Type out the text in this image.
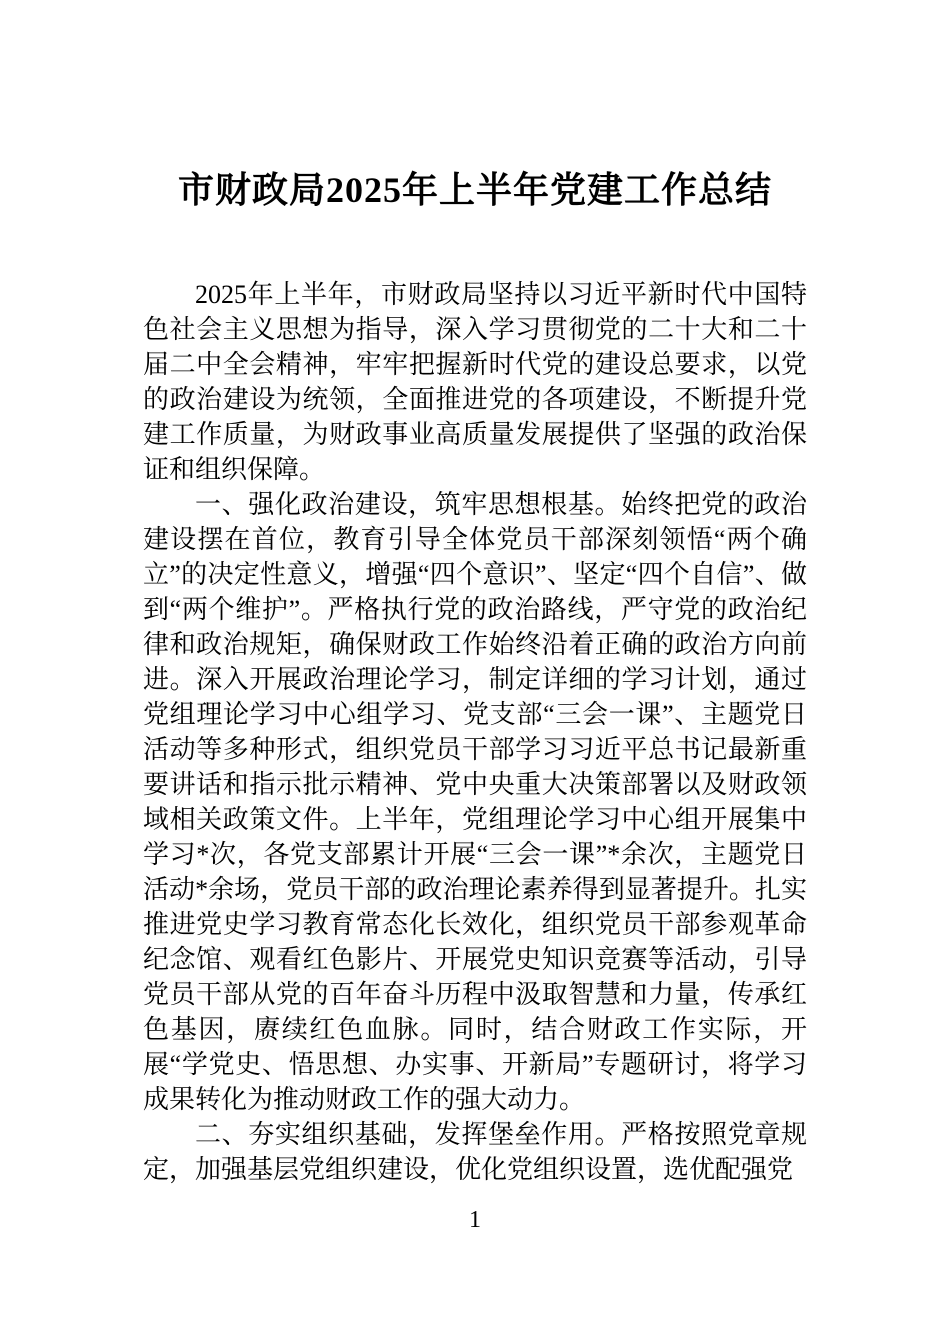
市财政局2025年上半年党建工作总结

2025年上半年，市财政局坚持以习近平新时代中国特色社会主义思想为指导，深入学习贯彻党的二十大和二十届二中全会精神，牢牢把握新时代党的建设总要求，以党的政治建设为统领，全面推进党的各项建设，不断提升党建工作质量，为财政事业高质量发展提供了坚强的政治保证和组织保障。

一、强化政治建设，筑牢思想根基。始终把党的政治建设摆在首位，教育引导全体党员干部深刻领悟“两个确立”的决定性意义，增强“四个意识”、坚定“四个自信”、做到“两个维护”。严格执行党的政治路线，严守党的政治纪律和政治规矩，确保财政工作始终沿着正确的政治方向前进。深入开展政治理论学习，制定详细的学习计划，通过党组理论学习中心组学习、党支部“三会一课”、主题党日活动等多种形式，组织党员干部学习习近平总书记最新重要讲话和指示批示精神、党中央重大决策部署以及财政领域相关政策文件。上半年，党组理论学习中心组开展集中学习*次，各党支部累计开展“三会一课”*余次，主题党日活动*余场，党员干部的政治理论素养得到显著提升。扎实推进党史学习教育常态化长效化，组织党员干部参观革命纪念馆、观看红色影片、开展党史知识竞赛等活动，引导党员干部从党的百年奋斗历程中汲取智慧和力量，传承红色基因，赓续红色血脉。同时，结合财政工作实际，开展“学党史、悟思想、办实事、开新局”专题研讨，将学习成果转化为推动财政工作的强大动力。

二、夯实组织基础，发挥堡垒作用。严格按照党章规定，加强基层党组织建设，优化党组织设置，选优配强党

1
